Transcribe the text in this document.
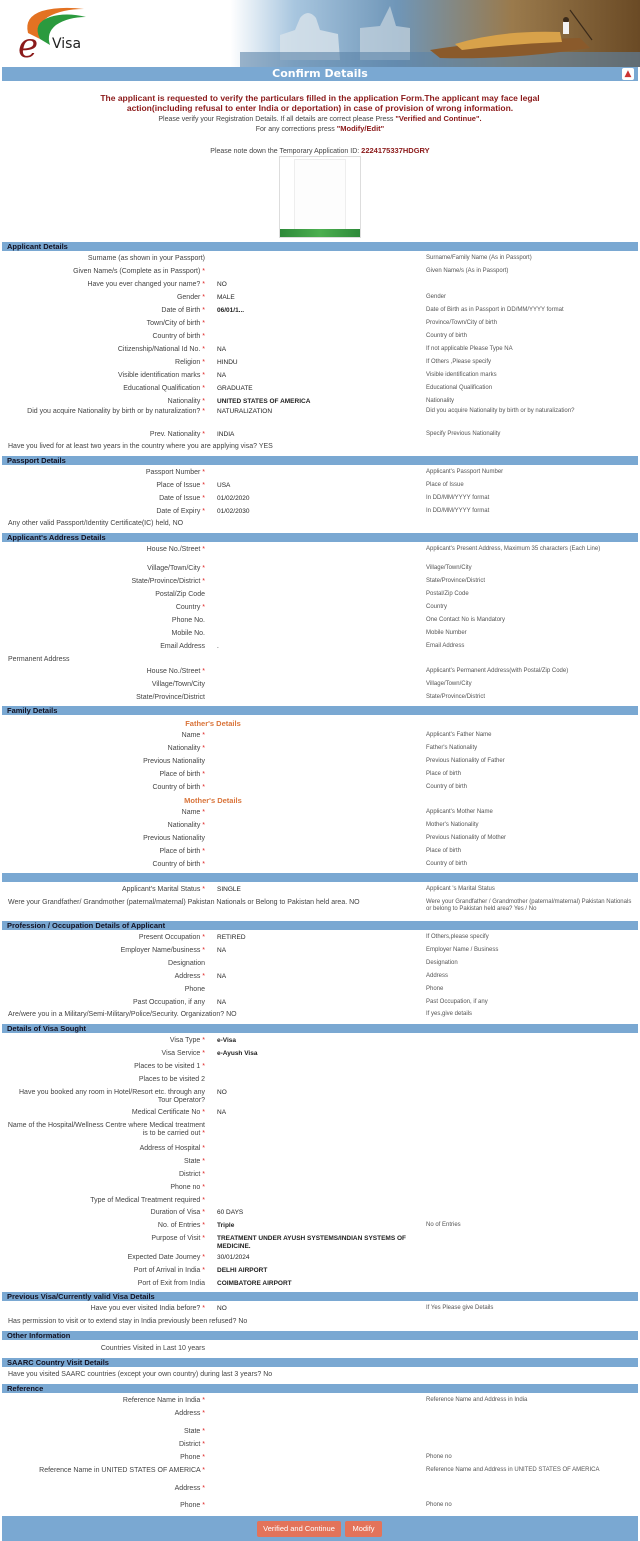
e Visa
Confirm Details	▲
The applicant is requested to verify the particulars filled in the application Form.The applicant may face legal action(including refusal to enter India or deportation) in case of provision of wrong information.
Please verify your Registration Details. If all details are correct please Press "Verified and Continue".
For any corrections press "Modify/Edit"
Please note down the Temporary Application ID: 2224175337HDGRY
Applicant Details
Surname (as shown in your Passport)	Surname/Family Name (As in Passport)
Given Name/s (Complete as in Passport) *	Given Name/s (As in Passport)
Have you ever changed your name? * NO
Gender * MALE	Gender
Date of Birth * 06/01/1...	Date of Birth as in Passport in DD/MM/YYYY format
Town/City of birth *	Province/Town/City of birth
Country of birth *	Country of birth
Citizenship/National Id No. * NA	If not applicable Please Type NA
Religion * HINDU	If Others ,Please specify
Visible identification marks * NA	Visible identification marks
Educational Qualification * GRADUATE	Educational Qualification
Nationality * UNITED STATES OF AMERICA	Nationality
Did you acquire Nationality by birth or by naturalization? * NATURALIZATION	Did you acquire Nationality by birth or by naturalization?
Prev. Nationality * INDIA	Specify Previous Nationality
Have you lived for at least two years in the country where you are applying visa? YES
Passport Details
Passport Number *	Applicant's Passport Number
Place of Issue * USA	Place of Issue
Date of Issue * 01/02/2020	In DD/MM/YYYY format
Date of Expiry * 01/02/2030	In DD/MM/YYYY format
Any other valid Passport/Identity Certificate(IC) held, NO
Applicant's Address Details
House No./Street *	Applicant's Present Address, Maximum 35 characters (Each Line)
Village/Town/City *	Village/Town/City
State/Province/District *	State/Province/District
Postal/Zip Code	Postal/Zip Code
Country *	Country
Phone No.	One Contact No is Mandatory
Mobile No.	Mobile Number
Email Address .	Email Address
Permanent Address
House No./Street *	Applicant's Permanent Address(with Postal/Zip Code)
Village/Town/City	Village/Town/City
State/Province/District	State/Province/District
Family Details
Father's Details
Name *	Applicant's Father Name
Nationality *	Father's Nationality
Previous Nationality	Previous Nationality of Father
Place of birth *	Place of birth
Country of birth *	Country of birth
Mother's Details
Name *	Applicant's Mother Name
Nationality *	Mother's Nationality
Previous Nationality	Previous Nationality of Mother
Place of birth *	Place of birth
Country of birth *	Country of birth
Applicant's Marital Status * SINGLE	Applicant 's Marital Status
Were your Grandfather/ Grandmother (paternal/maternal) Pakistan Nationals or Belong to Pakistan held area. NO	Were your Grandfather / Grandmother (paternal/maternal) Pakistan Nationals or belong to Pakistan held area? Yes / No
Profession / Occupation Details of Applicant
Present Occupation * RETIRED	If Others,please specify
Employer Name/business * NA	Employer Name / Business
Designation	Designation
Address * NA	Address
Phone	Phone
Past Occupation, if any NA	Past Occupation, if any
Are/were you in a Military/Semi-Military/Police/Security. Organization? NO	If yes,give details
Details of Visa Sought
Visa Type * e-Visa
Visa Service * e-Ayush Visa
Places to be visited 1 *
Places to be visited 2
Have you booked any room in Hotel/Resort etc. through any Tour Operator?
NO
Medical Certificate No * NA
Name of the Hospital/Wellness Centre where Medical treatment is to be carried out *
Address of Hospital *
State *
District *
Phone no *
Type of Medical Treatment required *
Duration of Visa * 60 DAYS
No. of Entries * Triple	No of Entries
Purpose of Visit * TREATMENT UNDER AYUSH SYSTEMS/INDIAN SYSTEMS OF MEDICINE.
Expected Date Journey * 30/01/2024
Port of Arrival in India * DELHI AIRPORT
Port of Exit from India COIMBATORE AIRPORT
Previous Visa/Currently valid Visa Details
Have you ever visited India before? * NO	If Yes Please give Details
Has permission to visit or to extend stay in India previously been refused? No
Other Information
Countries Visited in Last 10 years
SAARC Country Visit Details
Have you visited SAARC countries (except your own country) during last 3 years? No
Reference
Reference Name in India *	Reference Name and Address in India
Address *
State *
District *
Phone *	Phone no
Reference Name in UNITED STATES OF AMERICA *	Reference Name and Address in UNITED STATES OF AMERICA
Address *
Phone *	Phone no
Verified and Continue	Modify
